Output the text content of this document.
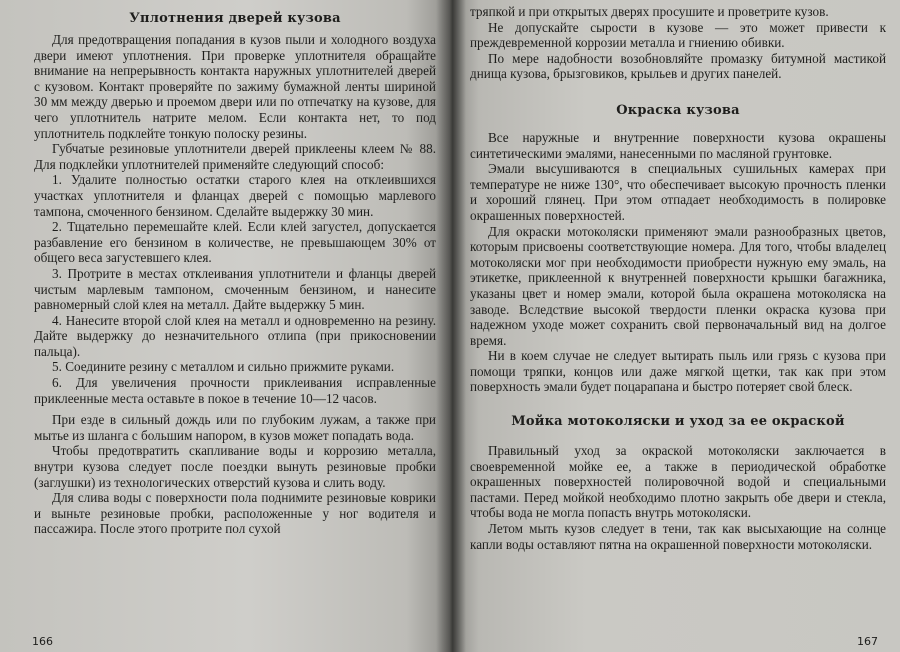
Уплотнения дверей кузова

Для предотвращения попадания в кузов пыли и холодного воздуха двери имеют уплотнения. При проверке уплотнителя обращайте внимание на непрерывность контакта наружных уплотнителей дверей с кузовом. Контакт проверяйте по зажиму бумажной ленты шириной 30 мм между дверью и проемом двери или по отпечатку на кузове, для чего уплотнитель натрите мелом. Если контакта нет, то под уплотнитель подклейте тонкую полоску резины.

Губчатые резиновые уплотнители дверей приклеены клеем № 88. Для подклейки уплотнителей применяйте следующий способ:

1. Удалите полностью остатки старого клея на отклеившихся участках уплотнителя и фланцах дверей с помощью марлевого тампона, смоченного бензином. Сделайте выдержку 30 мин.

2. Тщательно перемешайте клей. Если клей загустел, допускается разбавление его бензином в количестве, не превышающем 30% от общего веса загустевшего клея.

3. Протрите в местах отклеивания уплотнители и фланцы дверей чистым марлевым тампоном, смоченным бензином, и нанесите равномерный слой клея на металл. Дайте выдержку 5 мин.

4. Нанесите второй слой клея на металл и одновременно на резину. Дайте выдержку до незначительного отлипа (при прикосновении пальца).

5. Соедините резину с металлом и сильно прижмите руками.

6. Для увеличения прочности приклеивания исправленные приклеенные места оставьте в покое в течение 10—12 часов.

При езде в сильный дождь или по глубоким лужам, а также при мытье из шланга с большим напором, в кузов может попадать вода.

Чтобы предотвратить скапливание воды и коррозию металла, внутри кузова следует после поездки вынуть резиновые пробки (заглушки) из технологических отверстий кузова и слить воду.

Для слива воды с поверхности пола поднимите резиновые коврики и выньте резиновые пробки, расположенные у ног водителя и пассажира. После этого протрите пол сухой

166

тряпкой и при открытых дверях просушите и проветрите кузов.

Не допускайте сырости в кузове — это может привести к преждевременной коррозии металла и гниению обивки.

По мере надобности возобновляйте промазку битумной мастикой днища кузова, брызговиков, крыльев и других панелей.

Окраска кузова

Все наружные и внутренние поверхности кузова окрашены синтетическими эмалями, нанесенными по масляной грунтовке.

Эмали высушиваются в специальных сушильных камерах при температуре не ниже 130°, что обеспечивает высокую прочность пленки и хороший глянец. При этом отпадает необходимость в полировке окрашенных поверхностей.

Для окраски мотоколяски применяют эмали разнообразных цветов, которым присвоены соответствующие номера. Для того, чтобы владелец мотоколяски мог при необходимости приобрести нужную ему эмаль, на этикетке, приклеенной к внутренней поверхности крышки багажника, указаны цвет и номер эмали, которой была окрашена мотоколяска на заводе. Вследствие высокой твердости пленки окраска кузова при надежном уходе может сохранить свой первоначальный вид на долгое время.

Ни в коем случае не следует вытирать пыль или грязь с кузова при помощи тряпки, концов или даже мягкой щетки, так как при этом поверхность эмали будет поцарапана и быстро потеряет свой блеск.

Мойка мотоколяски и уход за ее окраской

Правильный уход за окраской мотоколяски заключается в своевременной мойке ее, а также в периодической обработке окрашенных поверхностей полировочной водой и специальными пастами. Перед мойкой необходимо плотно закрыть обе двери и стекла, чтобы вода не могла попасть внутрь мотоколяски.

Летом мыть кузов следует в тени, так как высыхающие на солнце капли воды оставляют пятна на окрашенной поверхности мотоколяски.

167
